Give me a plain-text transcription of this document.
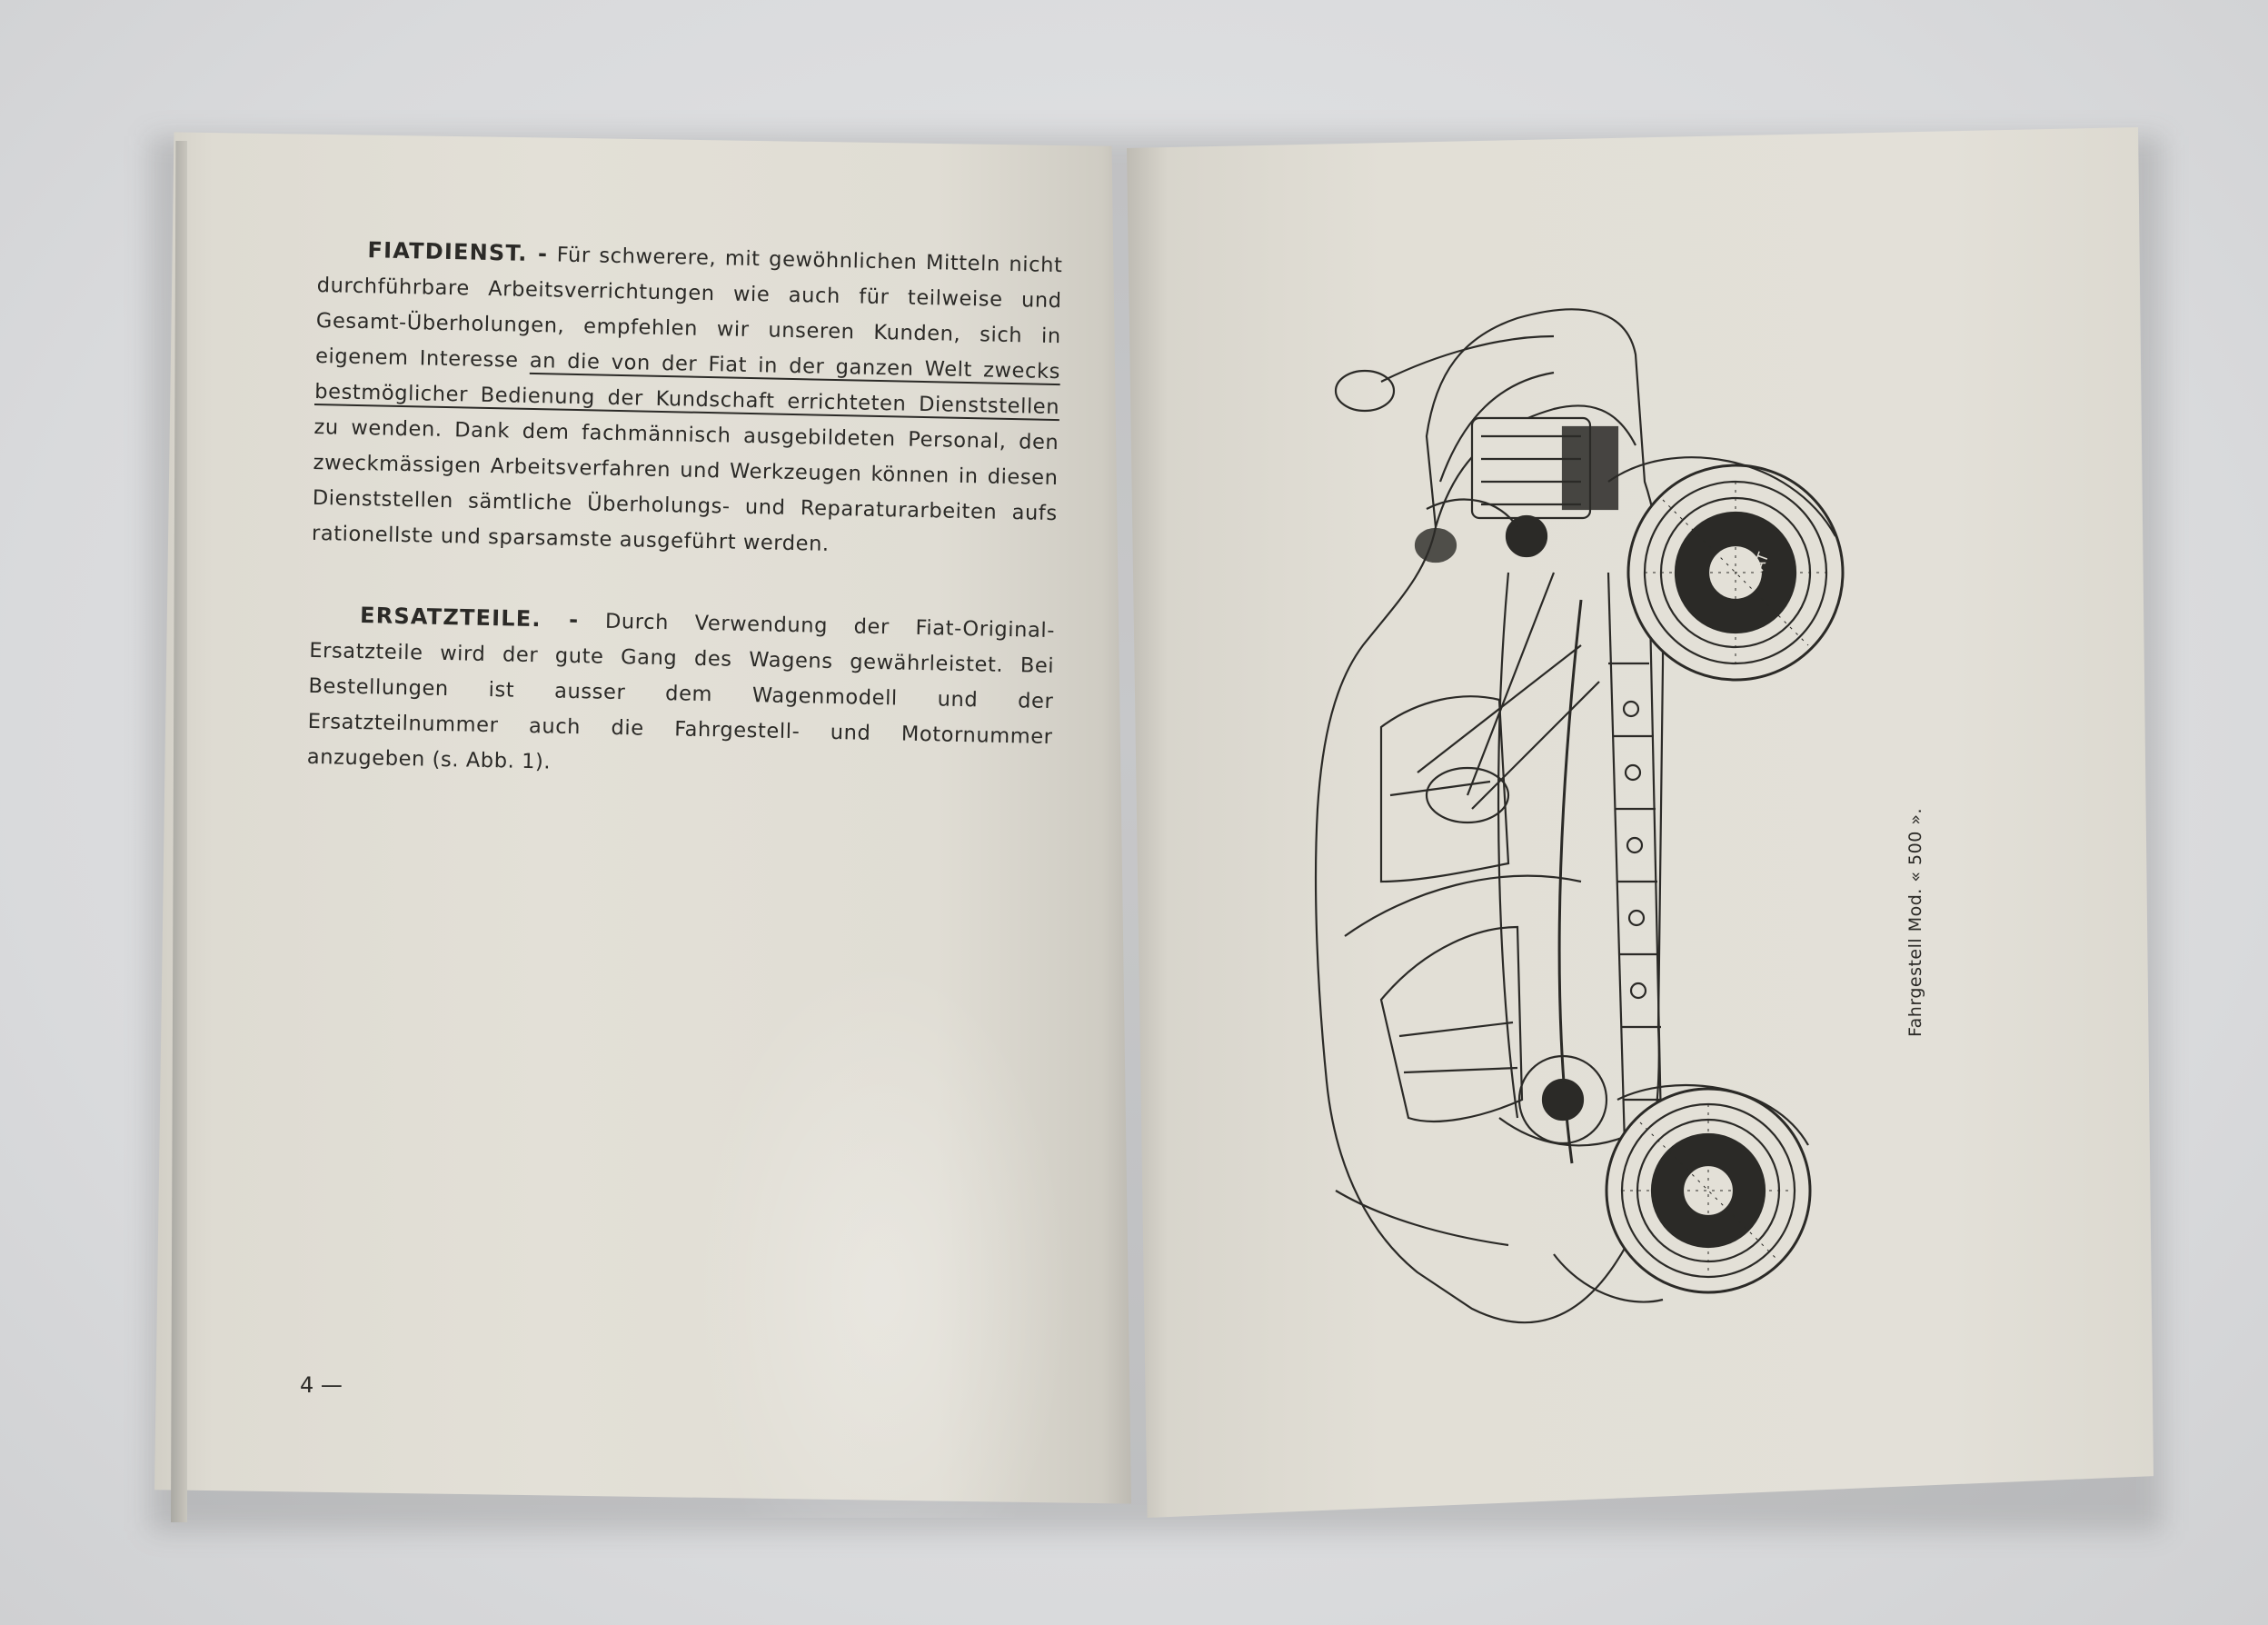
FIATDIENST. - Für schwerere, mit gewöhnlichen Mitteln nicht durchführbare Arbeitsverrichtungen wie auch für teilweise und Gesamt-Überholungen, empfehlen wir unseren Kunden, sich in eigenem Interesse an die von der Fiat in der ganzen Welt zwecks bestmöglicher Bedienung der Kundschaft errichteten Dienststellen zu wenden. Dank dem fachmännisch ausgebildeten Personal, den zweckmässigen Arbeitsverfahren und Werkzeugen können in diesen Dienststellen sämtliche Überholungs- und Reparaturarbeiten aufs rationellste und sparsamste ausgeführt werden.

ERSATZTEILE. - Durch Verwendung der Fiat-Original-Ersatzteile wird der gute Gang des Wagens gewährleistet. Bei Bestellungen ist ausser dem Wagenmodell und der Ersatzteilnummer auch die Fahrgestell- und Motornummer anzugeben (s. Abb. 1).

4 —
Fahrgestell Mod. « 500 ».
FIAT
